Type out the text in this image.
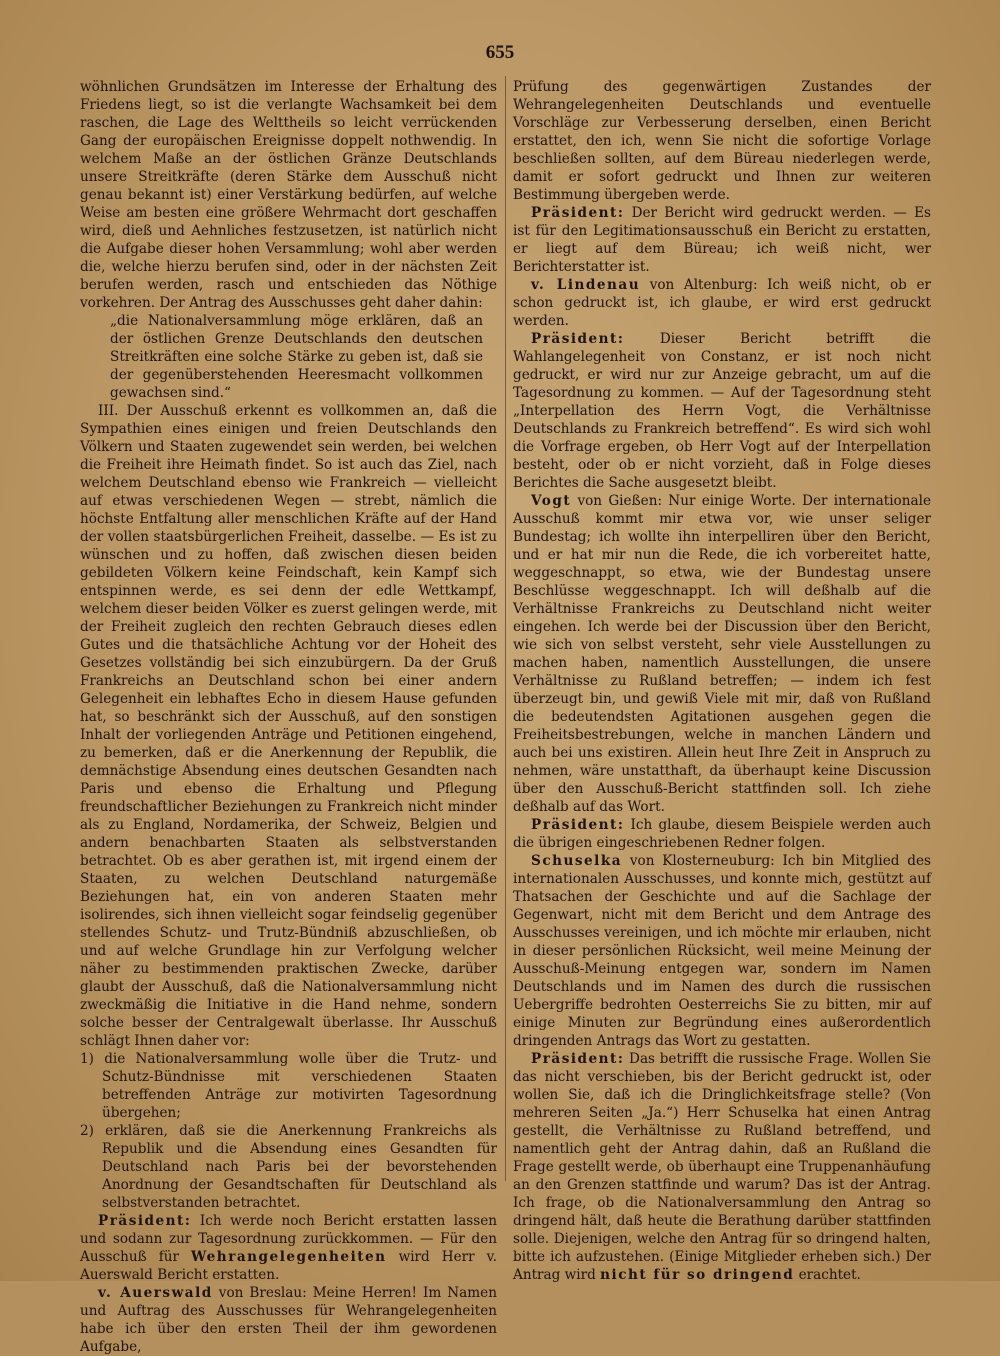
655

wöhnlichen Grundsätzen im Interesse der Erhaltung des Friedens liegt, so ist die verlangte Wachsamkeit bei dem raschen, die Lage des Welttheils so leicht verrückenden Gang der europäischen Ereignisse doppelt nothwendig. In welchem Maße an der östlichen Gränze Deutschlands unsere Streitkräfte (deren Stärke dem Ausschuß nicht genau bekannt ist) einer Verstärkung bedürfen, auf welche Weise am besten eine größere Wehrmacht dort geschaffen wird, dieß und Aehnliches festzusetzen, ist natürlich nicht die Aufgabe dieser hohen Versammlung; wohl aber werden die, welche hierzu berufen sind, oder in der nächsten Zeit berufen werden, rasch und entschieden das Nöthige vorkehren. Der Antrag des Ausschusses geht daher dahin:

„die Nationalversammlung möge erklären, daß an der östlichen Grenze Deutschlands den deutschen Streitkräften eine solche Stärke zu geben ist, daß sie der gegenüberstehenden Heeresmacht vollkommen gewachsen sind.“

III. Der Ausschuß erkennt es vollkommen an, daß die Sympathien eines einigen und freien Deutschlands den Völkern und Staaten zugewendet sein werden, bei welchen die Freiheit ihre Heimath findet. So ist auch das Ziel, nach welchem Deutschland ebenso wie Frankreich — vielleicht auf etwas verschiedenen Wegen — strebt, nämlich die höchste Entfaltung aller menschlichen Kräfte auf der Hand der vollen staatsbürgerlichen Freiheit, dasselbe. — Es ist zu wünschen und zu hoffen, daß zwischen diesen beiden gebildeten Völkern keine Feindschaft, kein Kampf sich entspinnen werde, es sei denn der edle Wettkampf, welchem dieser beiden Völker es zuerst gelingen werde, mit der Freiheit zugleich den rechten Gebrauch dieses edlen Gutes und die thatsächliche Achtung vor der Hoheit des Gesetzes vollständig bei sich einzubürgern. Da der Gruß Frankreichs an Deutschland schon bei einer andern Gelegenheit ein lebhaftes Echo in diesem Hause gefunden hat, so beschränkt sich der Ausschuß, auf den sonstigen Inhalt der vorliegenden Anträge und Petitionen eingehend, zu bemerken, daß er die Anerkennung der Republik, die demnächstige Absendung eines deutschen Gesandten nach Paris und ebenso die Erhaltung und Pflegung freundschaftlicher Beziehungen zu Frankreich nicht minder als zu England, Nordamerika, der Schweiz, Belgien und andern benachbarten Staaten als selbstverstanden betrachtet. Ob es aber gerathen ist, mit irgend einem der Staaten, zu welchen Deutschland naturgemäße Beziehungen hat, ein von anderen Staaten mehr isolirendes, sich ihnen vielleicht sogar feindselig gegenüber stellendes Schutz- und Trutz-Bündniß abzuschließen, ob und auf welche Grundlage hin zur Verfolgung welcher näher zu bestimmenden praktischen Zwecke, darüber glaubt der Ausschuß, daß die Nationalversammlung nicht zweckmäßig die Initiative in die Hand nehme, sondern solche besser der Centralgewalt überlasse. Ihr Ausschuß schlägt Ihnen daher vor:

1) die Nationalversammlung wolle über die Trutz- und Schutz-Bündnisse mit verschiedenen Staaten betreffenden Anträge zur motivirten Tagesordnung übergehen;

2) erklären, daß sie die Anerkennung Frankreichs als Republik und die Absendung eines Gesandten für Deutschland nach Paris bei der bevorstehenden Anordnung der Gesandtschaften für Deutschland als selbstverstanden betrachtet.

Präsident: Ich werde noch Bericht erstatten lassen und sodann zur Tagesordnung zurückkommen. — Für den Ausschuß für Wehrangelegenheiten wird Herr v. Auerswald Bericht erstatten.

v. Auerswald von Breslau: Meine Herren! Im Namen und Auftrag des Ausschusses für Wehrangelegenheiten habe ich über den ersten Theil der ihm gewordenen Aufgabe,

Prüfung des gegenwärtigen Zustandes der Wehrangelegenheiten Deutschlands und eventuelle Vorschläge zur Verbesserung derselben, einen Bericht erstattet, den ich, wenn Sie nicht die sofortige Vorlage beschließen sollten, auf dem Büreau niederlegen werde, damit er sofort gedruckt und Ihnen zur weiteren Bestimmung übergeben werde.

Präsident: Der Bericht wird gedruckt werden. — Es ist für den Legitimationsausschuß ein Bericht zu erstatten, er liegt auf dem Büreau; ich weiß nicht, wer Berichterstatter ist.

v. Lindenau von Altenburg: Ich weiß nicht, ob er schon gedruckt ist, ich glaube, er wird erst gedruckt werden.

Präsident:	Dieser Bericht betrifft die Wahlangelegenheit von Constanz, er ist noch nicht gedruckt, er wird nur zur Anzeige gebracht, um auf die Tagesordnung zu kommen. — Auf der Tagesordnung steht „Interpellation des Herrn Vogt, die Verhältnisse Deutschlands zu Frankreich betreffend“. Es wird sich wohl die Vorfrage ergeben, ob Herr Vogt auf der Interpellation besteht, oder ob er nicht vorzieht, daß in Folge dieses Berichtes die Sache ausgesetzt bleibt.

Vogt von Gießen: Nur einige Worte. Der internationale Ausschuß kommt mir etwa vor, wie unser seliger Bundestag; ich wollte ihn interpelliren über den Bericht, und er hat mir nun die Rede, die ich vorbereitet hatte, weggeschnappt, so etwa, wie der Bundestag unsere Beschlüsse weggeschnappt. Ich will deßhalb auf die Verhältnisse Frankreichs zu Deutschland nicht weiter eingehen. Ich werde bei der Discussion über den Bericht, wie sich von selbst versteht, sehr viele Ausstellungen zu machen haben, namentlich Ausstellungen, die unsere Verhältnisse zu Rußland betreffen; — indem ich fest überzeugt bin, und gewiß Viele mit mir, daß von Rußland die bedeutendsten Agitationen ausgehen gegen die Freiheitsbestrebungen, welche in manchen Ländern und auch bei uns existiren. Allein heut Ihre Zeit in Anspruch zu nehmen, wäre unstatthaft, da überhaupt keine Discussion über den Ausschuß-Bericht stattfinden soll. Ich ziehe deßhalb auf das Wort.

Präsident: Ich glaube, diesem Beispiele werden auch die übrigen eingeschriebenen Redner folgen.

Schuselka von Klosterneuburg: Ich bin Mitglied des internationalen Ausschusses, und konnte mich, gestützt auf Thatsachen der Geschichte und auf die Sachlage der Gegenwart, nicht mit dem Bericht und dem Antrage des Ausschusses vereinigen, und ich möchte mir erlauben, nicht in dieser persönlichen Rücksicht, weil meine Meinung der Ausschuß-Meinung entgegen war, sondern im Namen Deutschlands und im Namen des durch die russischen Uebergriffe bedrohten Oesterreichs Sie zu bitten, mir auf einige Minuten zur Begründung eines außerordentlich dringenden Antrags das Wort zu gestatten.

Präsident: Das betrifft die russische Frage. Wollen Sie das nicht verschieben, bis der Bericht gedruckt ist, oder wollen Sie, daß ich die Dringlichkeitsfrage stelle? (Von mehreren Seiten „Ja.“) Herr Schuselka hat einen Antrag gestellt, die Verhältnisse zu Rußland betreffend, und namentlich geht der Antrag dahin, daß an Rußland die Frage gestellt werde, ob überhaupt eine Truppenanhäufung an den Grenzen stattfinde und warum? Das ist der Antrag. Ich frage, ob die Nationalversammlung den Antrag so dringend hält, daß heute die Berathung darüber stattfinden solle. Diejenigen, welche den Antrag für so dringend halten, bitte ich aufzustehen. (Einige Mitglieder erheben sich.) Der Antrag wird nicht für so dringend erachtet.
